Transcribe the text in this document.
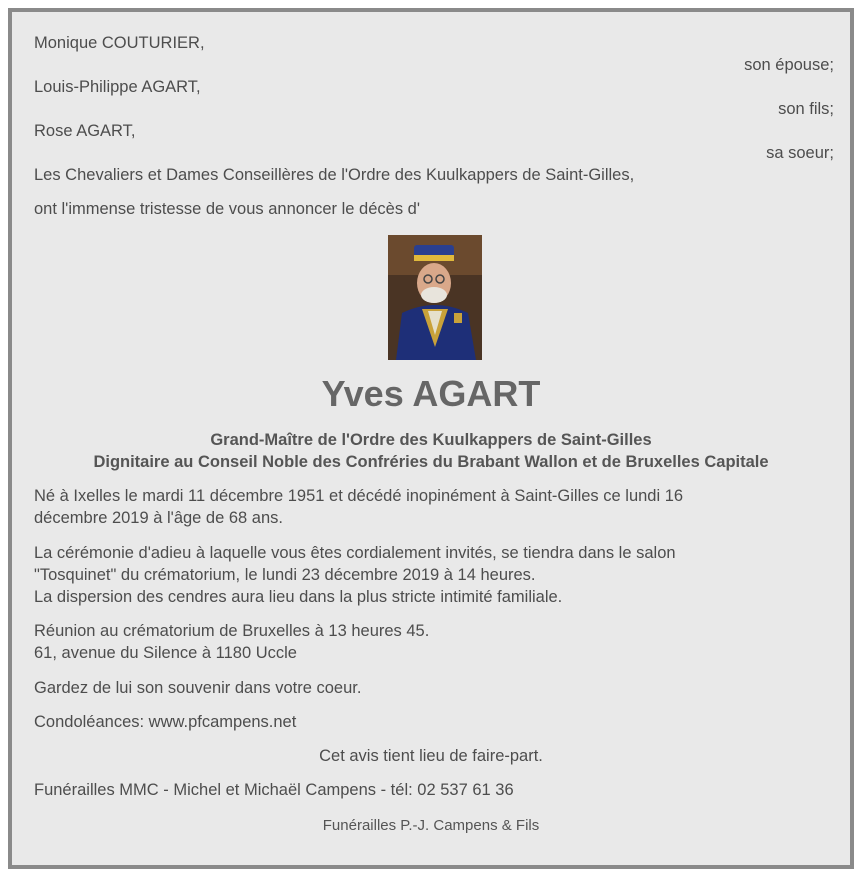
Monique COUTURIER,

son épouse;

Louis-Philippe AGART,

son fils;

Rose AGART,

sa soeur;

Les Chevaliers et Dames Conseillères de l'Ordre des Kuulkappers de Saint-Gilles,

ont l'immense tristesse de vous annoncer le décès d'

Yves AGART

Grand-Maître de l'Ordre des Kuulkappers de Saint-Gilles

Dignitaire au Conseil Noble des Confréries du Brabant Wallon et de Bruxelles Capitale

Né à Ixelles le mardi 11 décembre 1951 et décédé inopinément à Saint-Gilles ce lundi 16

décembre 2019 à l'âge de 68 ans.

La cérémonie d'adieu à laquelle vous êtes cordialement invités, se tiendra dans le salon

"Tosquinet" du crématorium, le lundi 23 décembre 2019 à 14 heures.

La dispersion des cendres aura lieu dans la plus stricte intimité familiale.

Réunion au crématorium de Bruxelles à 13 heures 45.

61, avenue du Silence à 1180 Uccle

Gardez de lui son souvenir dans votre coeur.

Condoléances: www.pfcampens.net

Cet avis tient lieu de faire-part.

Funérailles MMC - Michel et Michaël Campens - tél: 02 537 61 36

Funérailles P.-J. Campens & Fils
